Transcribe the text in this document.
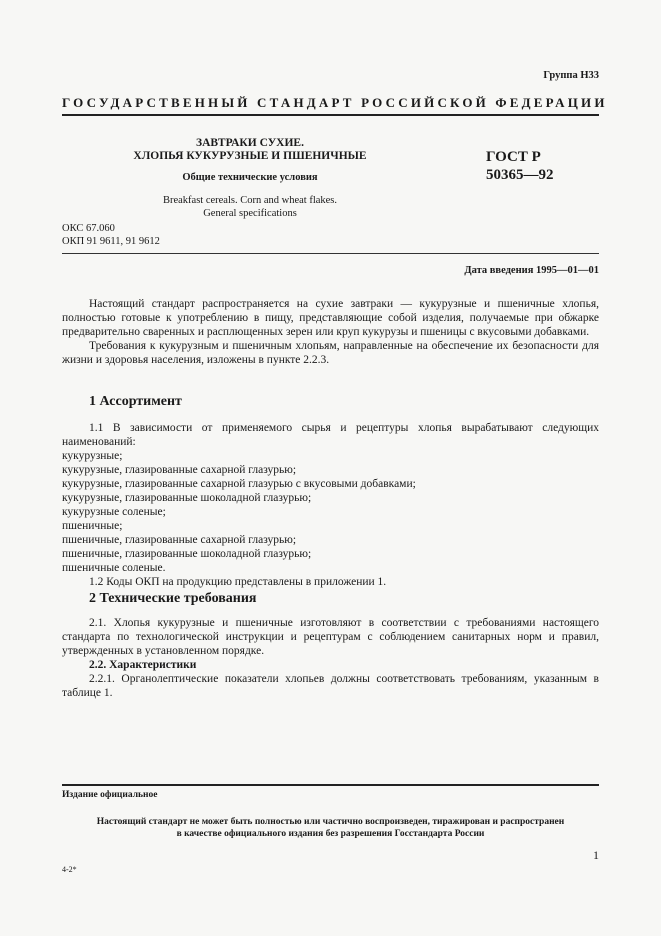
Группа Н33
ГОСУДАРСТВЕННЫЙ СТАНДАРТ РОССИЙСКОЙ ФЕДЕРАЦИИ
ЗАВТРАКИ СУХИЕ.
ХЛОПЬЯ КУКУРУЗНЫЕ И ПШЕНИЧНЫЕ
Общие технические условия
Breakfast cereals. Corn and wheat flakes.
General specifications
ГОСТ Р
50365—92
ОКС 67.060
ОКП 91 9611, 91 9612
Дата введения 1995—01—01

Настоящий стандарт распространяется на сухие завтраки — кукурузные и пшеничные хлопья, полностью готовые к употреблению в пищу, представляющие собой изделия, получаемые при обжарке предварительно сваренных и расплющенных зерен или круп кукурузы и пшеницы с вкусовыми добавками.

Требования к кукурузным и пшеничным хлопьям, направленные на обеспечение их безопасности для жизни и здоровья населения, изложены в пункте 2.2.3.

1 Ассортимент

1.1 В зависимости от применяемого сырья и рецептуры хлопья вырабатывают следующих наименований:

кукурузные;

кукурузные, глазированные сахарной глазурью;

кукурузные, глазированные сахарной глазурью с вкусовыми добавками;

кукурузные, глазированные шоколадной глазурью;

кукурузные соленые;

пшеничные;

пшеничные, глазированные сахарной глазурью;

пшеничные, глазированные шоколадной глазурью;

пшеничные соленые.

1.2 Коды ОКП на продукцию представлены в приложении 1.

2 Технические требования

2.1. Хлопья кукурузные и пшеничные изготовляют в соответствии с требованиями настоящего стандарта по технологической инструкции и рецептурам с соблюдением санитарных норм и правил, утвержденных в установленном порядке.

2.2. Характеристики

2.2.1. Органолептические показатели хлопьев должны соответствовать требованиям, указанным в таблице 1.

Издание официальное
Настоящий стандарт не может быть полностью или частично воспроизведен, тиражирован и распространен
в качестве официального издания без разрешения Госстандарта России
1
4-2*
